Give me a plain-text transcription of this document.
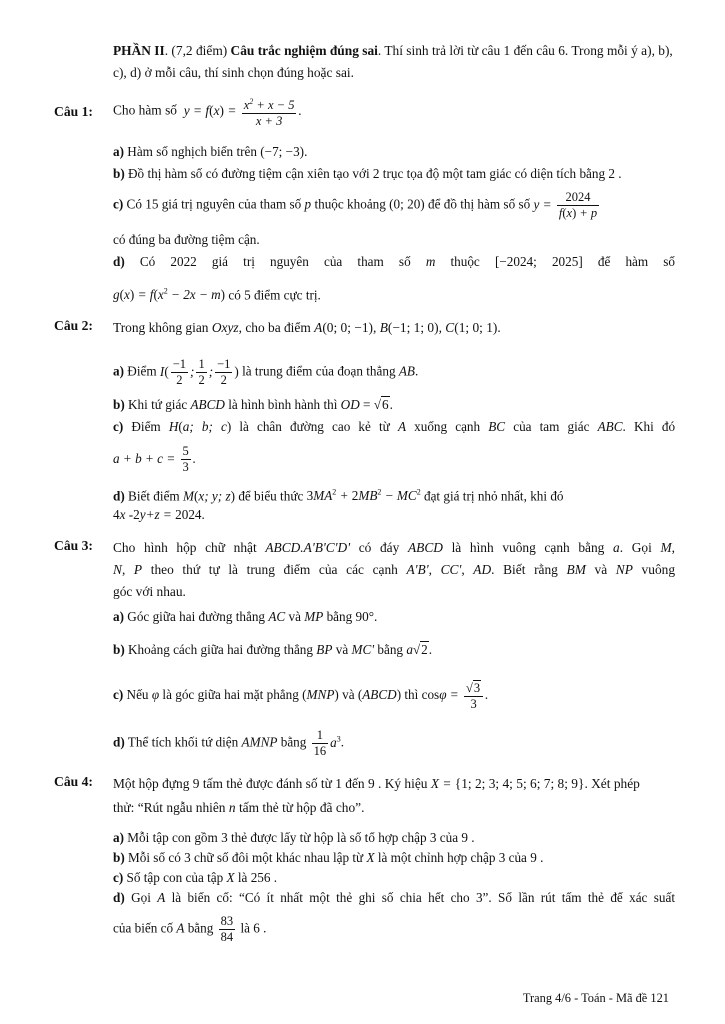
PHẦN II. (7,2 điểm) Câu trắc nghiệm đúng sai. Thí sinh trả lời từ câu 1 đến câu 6. Trong mỗi ý a), b), c), d) ở mỗi câu, thí sinh chọn đúng hoặc sai.
Câu 1: Cho hàm số  $y = f(x) = \frac{x^2 + x - 5}{x + 3}$ .
a) Hàm số nghịch biến trên (−7; −3).
b) Đồ thị hàm số có đường tiệm cận xiên tạo với 2 trục tọa độ một tam giác có diện tích bằng 2 .
c) Có 15 giá trị nguyên của tham số p thuộc khoảng (0; 20) để đồ thị hàm số số $y = \frac{2024}{f(x) + p}$
có đúng ba đường tiệm cận.
d) Có 2022 giá trị nguyên của tham số m thuộc [−2024; 2025] để hàm số
$g(x) = f(x^2 - 2x - m)$ có 5 điểm cực trị.
Câu 2: Trong không gian Oxyz, cho ba điểm A(0; 0; −1), B(−1; 1; 0), C(1; 0; 1).
a) Điểm $I( \frac{-1}{2}$ ; $\frac{1}{2}$ ; $\frac{-1}{2}$ ) là trung điểm của đoạn thẳng AB.
b) Khi tứ giác ABCD là hình bình hành thì OD = √6.
c) Điểm H(a; b; c) là chân đường cao kẻ từ A xuống cạnh BC của tam giác ABC. Khi đó
$a + b + c = \frac{5}{3}$ .
d) Biết điểm M(x; y; z) để biểu thức $3MA^2 + 2MB^2 - MC^2$ đạt giá trị nhỏ nhất, khi đó
4x -2y+z = 2024.
Câu 3: Cho hình hộp chữ nhật ABCD.A'B'C'D' có đáy ABCD là hình vuông cạnh bằng a. Gọi M,
N, P theo thứ tự là trung điểm của các cạnh A'B', CC', AD. Biết rằng BM và NP vuông
góc với nhau.
a) Góc giữa hai đường thẳng AC và MP bằng 90°.
b) Khoảng cách giữa hai đường thẳng BP và MC' bằng a√2.
c) Nếu φ là góc giữa hai mặt phẳng (MNP) và (ABCD) thì $\cos\varphi = \frac{√3}{3}$ .
d) Thể tích khối tứ diện AMNP bằng $\frac{1}{16} a^3$.
Câu 4: Một hộp đựng 9 tấm thẻ được đánh số từ 1 đến 9 . Ký hiệu X = {1; 2; 3; 4; 5; 6; 7; 8; 9}. Xét phép
thử: “Rút ngẫu nhiên n tấm thẻ từ hộp đã cho”.
a) Mỗi tập con gồm 3 thẻ được lấy từ hộp là số tổ hợp chập 3 của 9 .
b) Mỗi số có 3 chữ số đôi một khác nhau lập từ X là một chỉnh hợp chập 3 của 9 .
c) Số tập con của tập X là 256 .
d) Gọi A là biến cố: “Có ít nhất một thẻ ghi số chia hết cho 3”. Số lần rút tấm thẻ để xác suất
của biến cố A bằng $\frac{83}{84}$ là 6 .
Trang 4/6 - Toán - Mã đề 121
